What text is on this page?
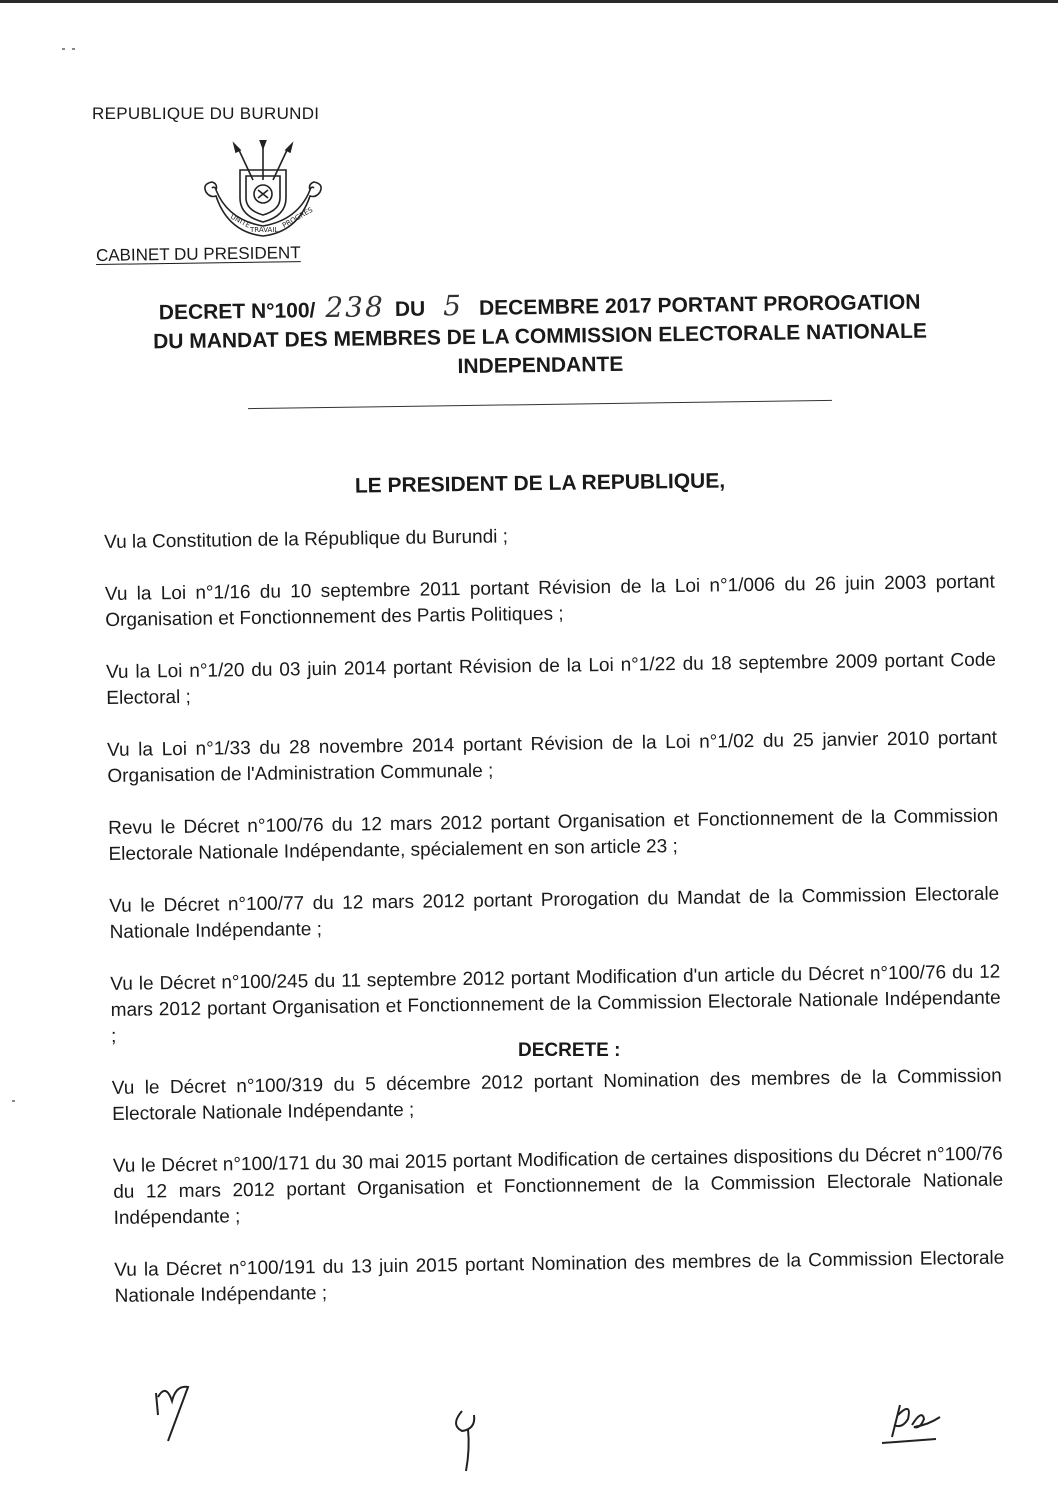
REPUBLIQUE DU BURUNDI
UNITÉ
TRAVAIL
PROGRÈS
CABINET DU PRESIDENT
DECRET N°100/ 238 DU 5 DECEMBRE 2017 PORTANT PROROGATION
DU MANDAT DES MEMBRES DE LA COMMISSION ELECTORALE NATIONALE
INDEPENDANTE
LE PRESIDENT DE LA REPUBLIQUE,
Vu la Constitution de la République du Burundi ;
Vu la Loi n°1/16 du 10 septembre 2011 portant Révision de la Loi n°1/006 du 26 juin 2003 portant Organisation et Fonctionnement des Partis Politiques ;
Vu la Loi n°1/20 du 03 juin 2014 portant Révision de la Loi n°1/22 du 18 septembre 2009 portant Code Electoral ;
Vu la Loi n°1/33 du 28 novembre 2014 portant Révision de la Loi n°1/02 du 25 janvier 2010 portant Organisation de l'Administration Communale ;
Revu le Décret n°100/76 du 12 mars 2012 portant Organisation et Fonctionnement de la Commission Electorale Nationale Indépendante, spécialement en son article 23 ;
Vu le Décret n°100/77 du 12 mars 2012 portant Prorogation du Mandat de la Commission Electorale Nationale Indépendante ;
Vu le Décret n°100/245 du 11 septembre 2012 portant Modification d'un article du Décret n°100/76 du 12 mars 2012 portant Organisation et Fonctionnement de la Commission Electorale Nationale Indépendante ;
Vu le Décret n°100/319 du 5 décembre 2012 portant Nomination des membres de la Commission Electorale Nationale Indépendante ;
Vu le Décret n°100/171 du 30 mai 2015 portant Modification de certaines dispositions du Décret n°100/76 du 12 mars 2012 portant Organisation et Fonctionnement de la Commission Electorale Nationale Indépendante ;
Vu la Décret n°100/191 du 13 juin 2015 portant Nomination des membres de la Commission Electorale Nationale Indépendante ;
DECRETE :
